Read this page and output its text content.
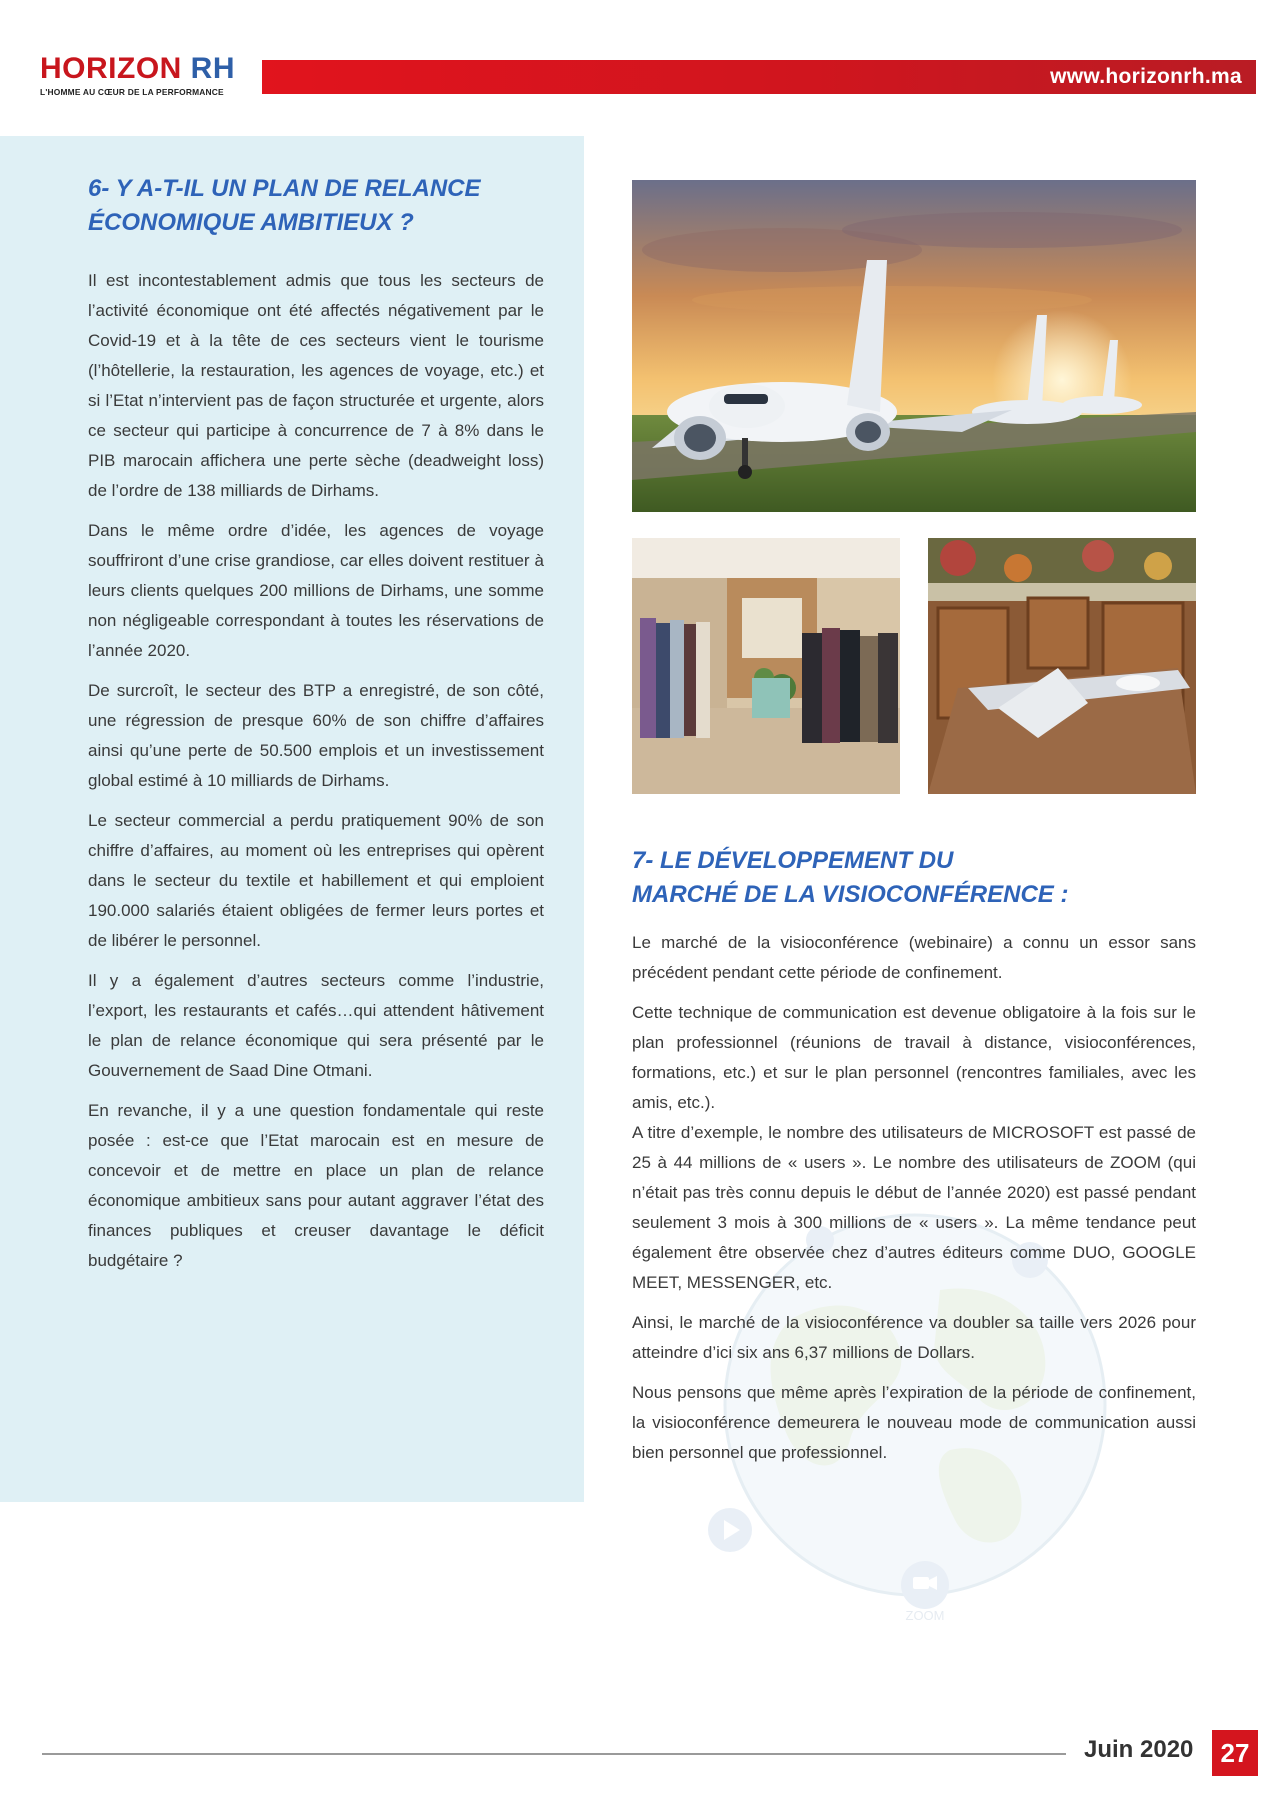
HORIZON RH
L'HOMME AU CŒUR DE LA PERFORMANCE
www.horizonrh.ma
6- Y A-T-IL UN PLAN DE RELANCE
ÉCONOMIQUE AMBITIEUX ?

Il est incontestablement admis que tous les secteurs de l’activité économique ont été affectés négativement par le Covid-19 et à la tête de ces secteurs vient le tourisme (l’hôtellerie, la restauration, les agences de voyage, etc.) et si l’Etat n’intervient pas de façon structurée et urgente, alors ce secteur qui participe à concurrence de 7 à 8% dans le PIB marocain affichera une perte sèche (deadweight loss) de l’ordre de 138 milliards de Dirhams.

Dans le même ordre d’idée, les agences de voyage souffriront d’une crise grandiose, car elles doivent restituer à leurs clients quelques 200 millions de Dirhams, une somme non négligeable correspondant à toutes les réservations de l’année 2020.

De surcroît, le secteur des BTP a enregistré, de son côté, une régression de presque 60% de son chiffre d’affaires ainsi qu’une perte de 50.500 emplois et un investissement global estimé à 10 milliards de Dirhams.

Le secteur commercial a perdu pratiquement 90% de son chiffre d’affaires, au moment où les entreprises qui opèrent dans le secteur du textile et habillement et qui emploient 190.000 salariés étaient obligées de fermer leurs portes et de libérer le personnel.

Il y a également d’autres secteurs comme l’industrie, l’export, les restaurants et cafés…qui attendent hâtivement le plan de relance économique qui sera présenté par le Gouvernement de Saad Dine Otmani.

En revanche, il y a une question fondamentale qui reste posée : est-ce que l’Etat marocain est en mesure de concevoir et de mettre en place un plan de relance économique ambitieux sans pour autant aggraver l’état des finances publiques et creuser davantage le déficit budgétaire ?

ZOOM
7- LE DÉVELOPPEMENT DU
MARCHÉ DE LA VISIOCONFÉRENCE :

Le marché de la visioconférence (webinaire) a connu un essor sans précédent pendant cette période de confinement.

Cette technique de communication est devenue obligatoire à la fois sur le plan professionnel (réunions de travail à distance, visioconférences, formations, etc.) et sur le plan personnel (rencontres familiales, avec les amis, etc.).

A titre d’exemple, le nombre des utilisateurs de MICROSOFT est passé de 25 à 44 millions de « users ». Le nombre des utilisateurs de ZOOM (qui n’était pas très connu depuis le début de l’année 2020) est passé pendant seulement 3 mois à 300 millions de « users ». La même tendance peut également être observée chez d’autres éditeurs comme DUO, GOOGLE MEET, MESSENGER, etc.

Ainsi, le marché de la visioconférence va doubler sa taille vers 2026 pour atteindre d’ici six ans 6,37 millions de Dollars.

Nous pensons que même après l’expiration de la période de confinement, la visioconférence demeurera le nouveau mode de communication aussi bien personnel que professionnel.

Juin 2020	27
